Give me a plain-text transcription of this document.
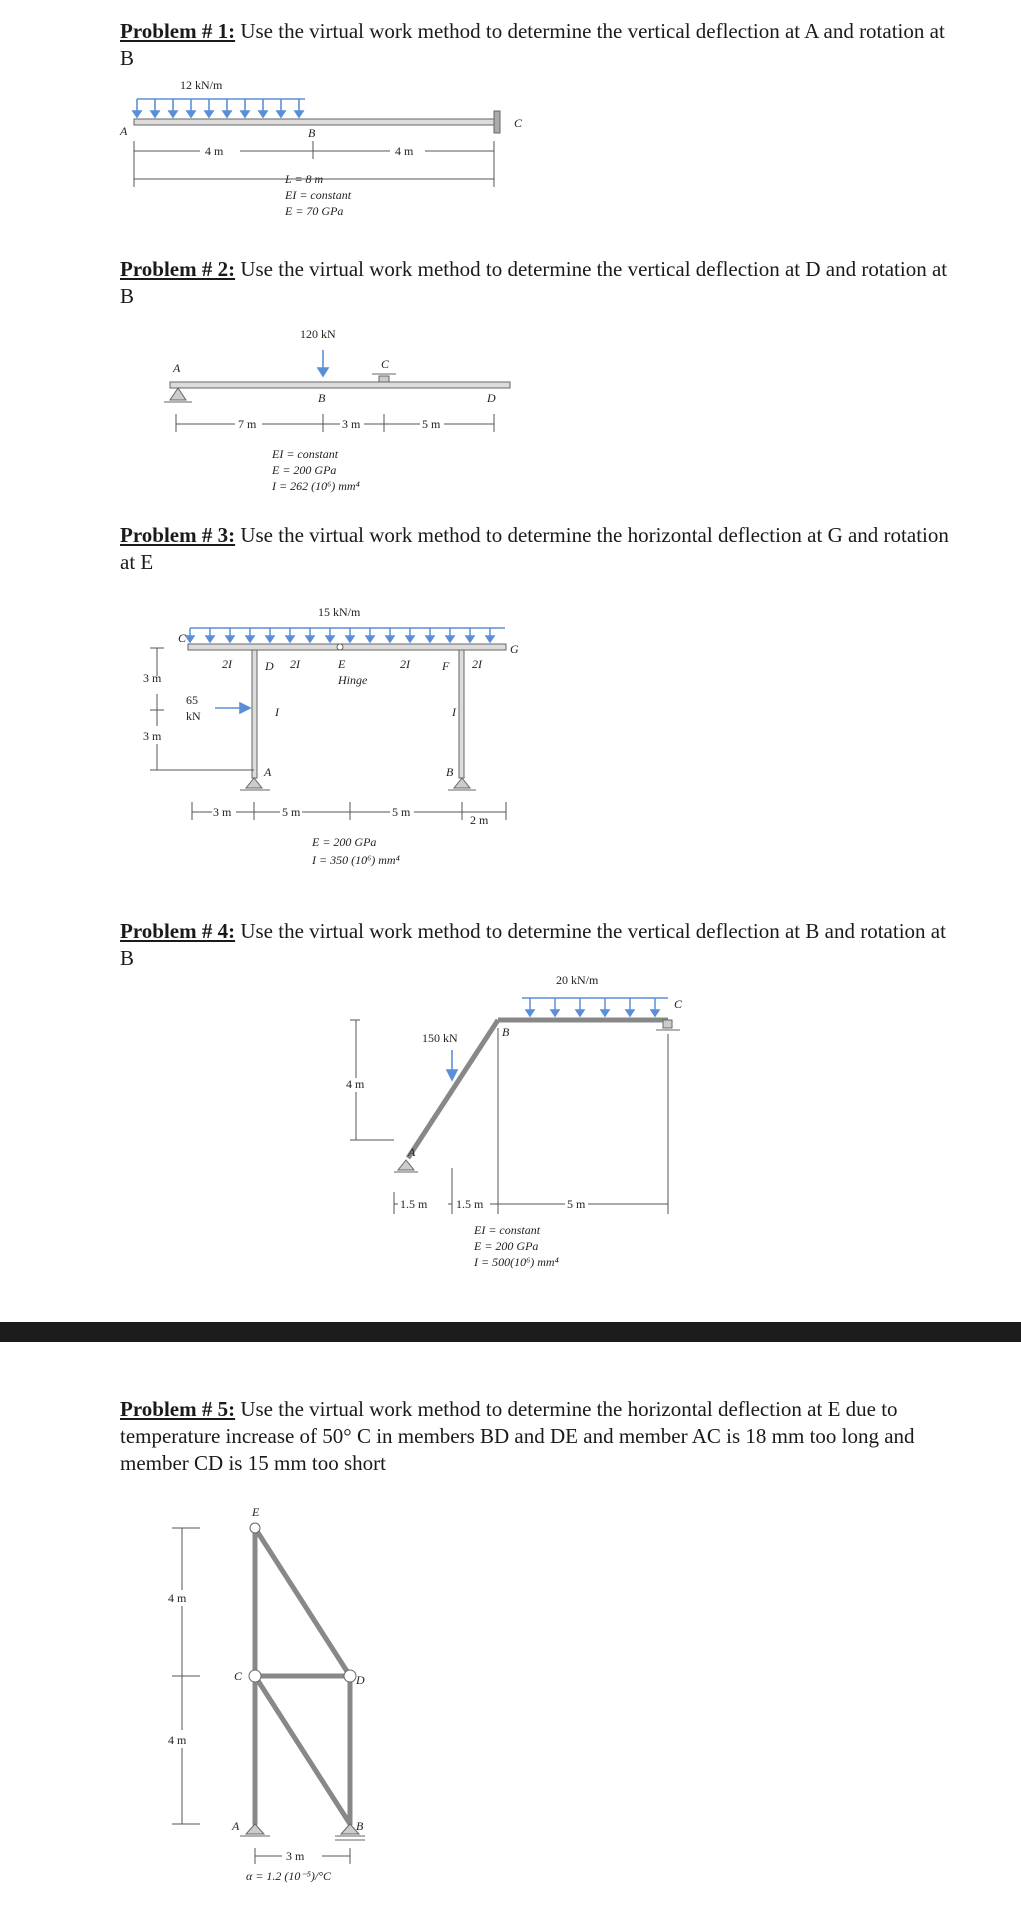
Problem # 1: Use the virtual work method to determine the vertical deflection at A and rotation at B

12 kN/m
A	B
C
4 m	4 m
L = 8 m
EI = constant
E = 70 GPa

Problem # 2: Use the virtual work method to determine the vertical deflection at D and rotation at B

120 kN
A
B
C
D
7 m	3 m	5 m
EI = constant
E = 200 GPa
I = 262 (10⁶) mm⁴

Problem # 3: Use the virtual work method to determine the horizontal deflection at G and rotation at E

15 kN/m
65
kN
C
D	E	F
G
A	B
Hinge
2I	2I	2I	2I
I	I
3 m
3 m
3 m	5 m	5 m
2 m
E = 200 GPa
I = 350 (10⁶) mm⁴

Problem # 4: Use the virtual work method to determine the vertical deflection at B and rotation at B

20 kN/m
150 kN
A
B
C
4 m
1.5 m 1.5 m	5 m
EI = constant
E = 200 GPa
I = 500(10⁶) mm⁴

Problem # 5: Use the virtual work method to determine the horizontal deflection at E due to temperature increase of 50° C in members BD and DE and member AC is 18 mm too long and member CD is 15 mm too short

E
C	D
A	B
4 m
4 m
3 m
α = 1.2 (10⁻⁵)/°C
